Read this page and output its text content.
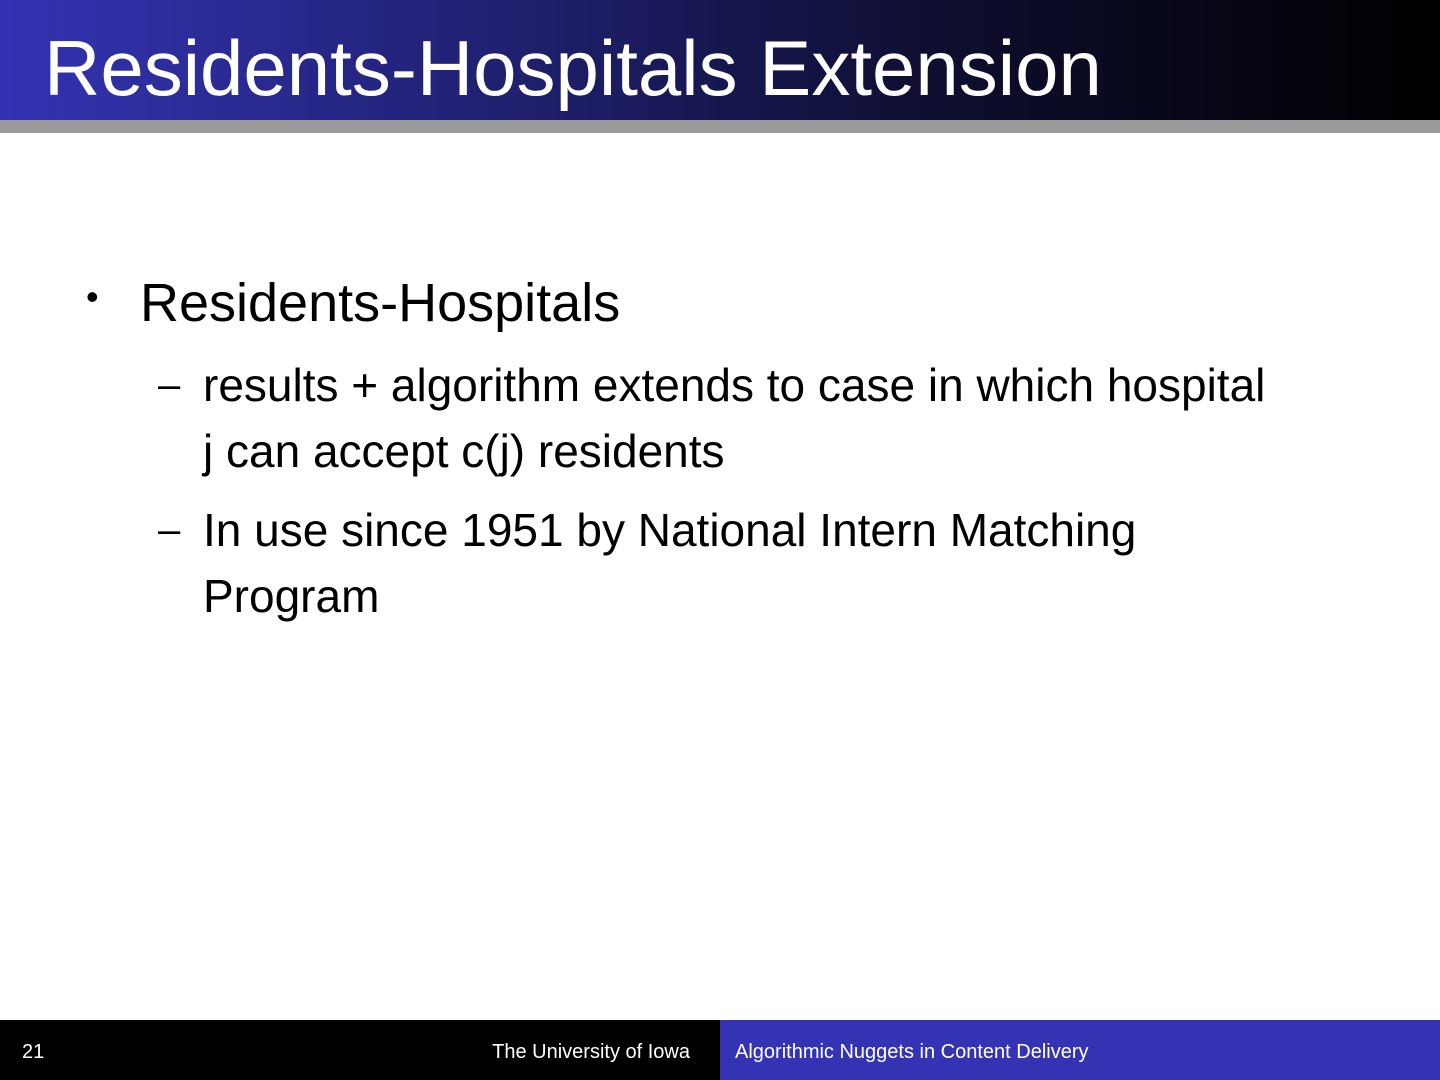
Residents-Hospitals Extension
• Residents-Hospitals
– results + algorithm extends to case in which hospital j can accept c(j) residents
– In use since 1951 by National Intern Matching Program
21	The University of Iowa Algorithmic Nuggets in Content Delivery
